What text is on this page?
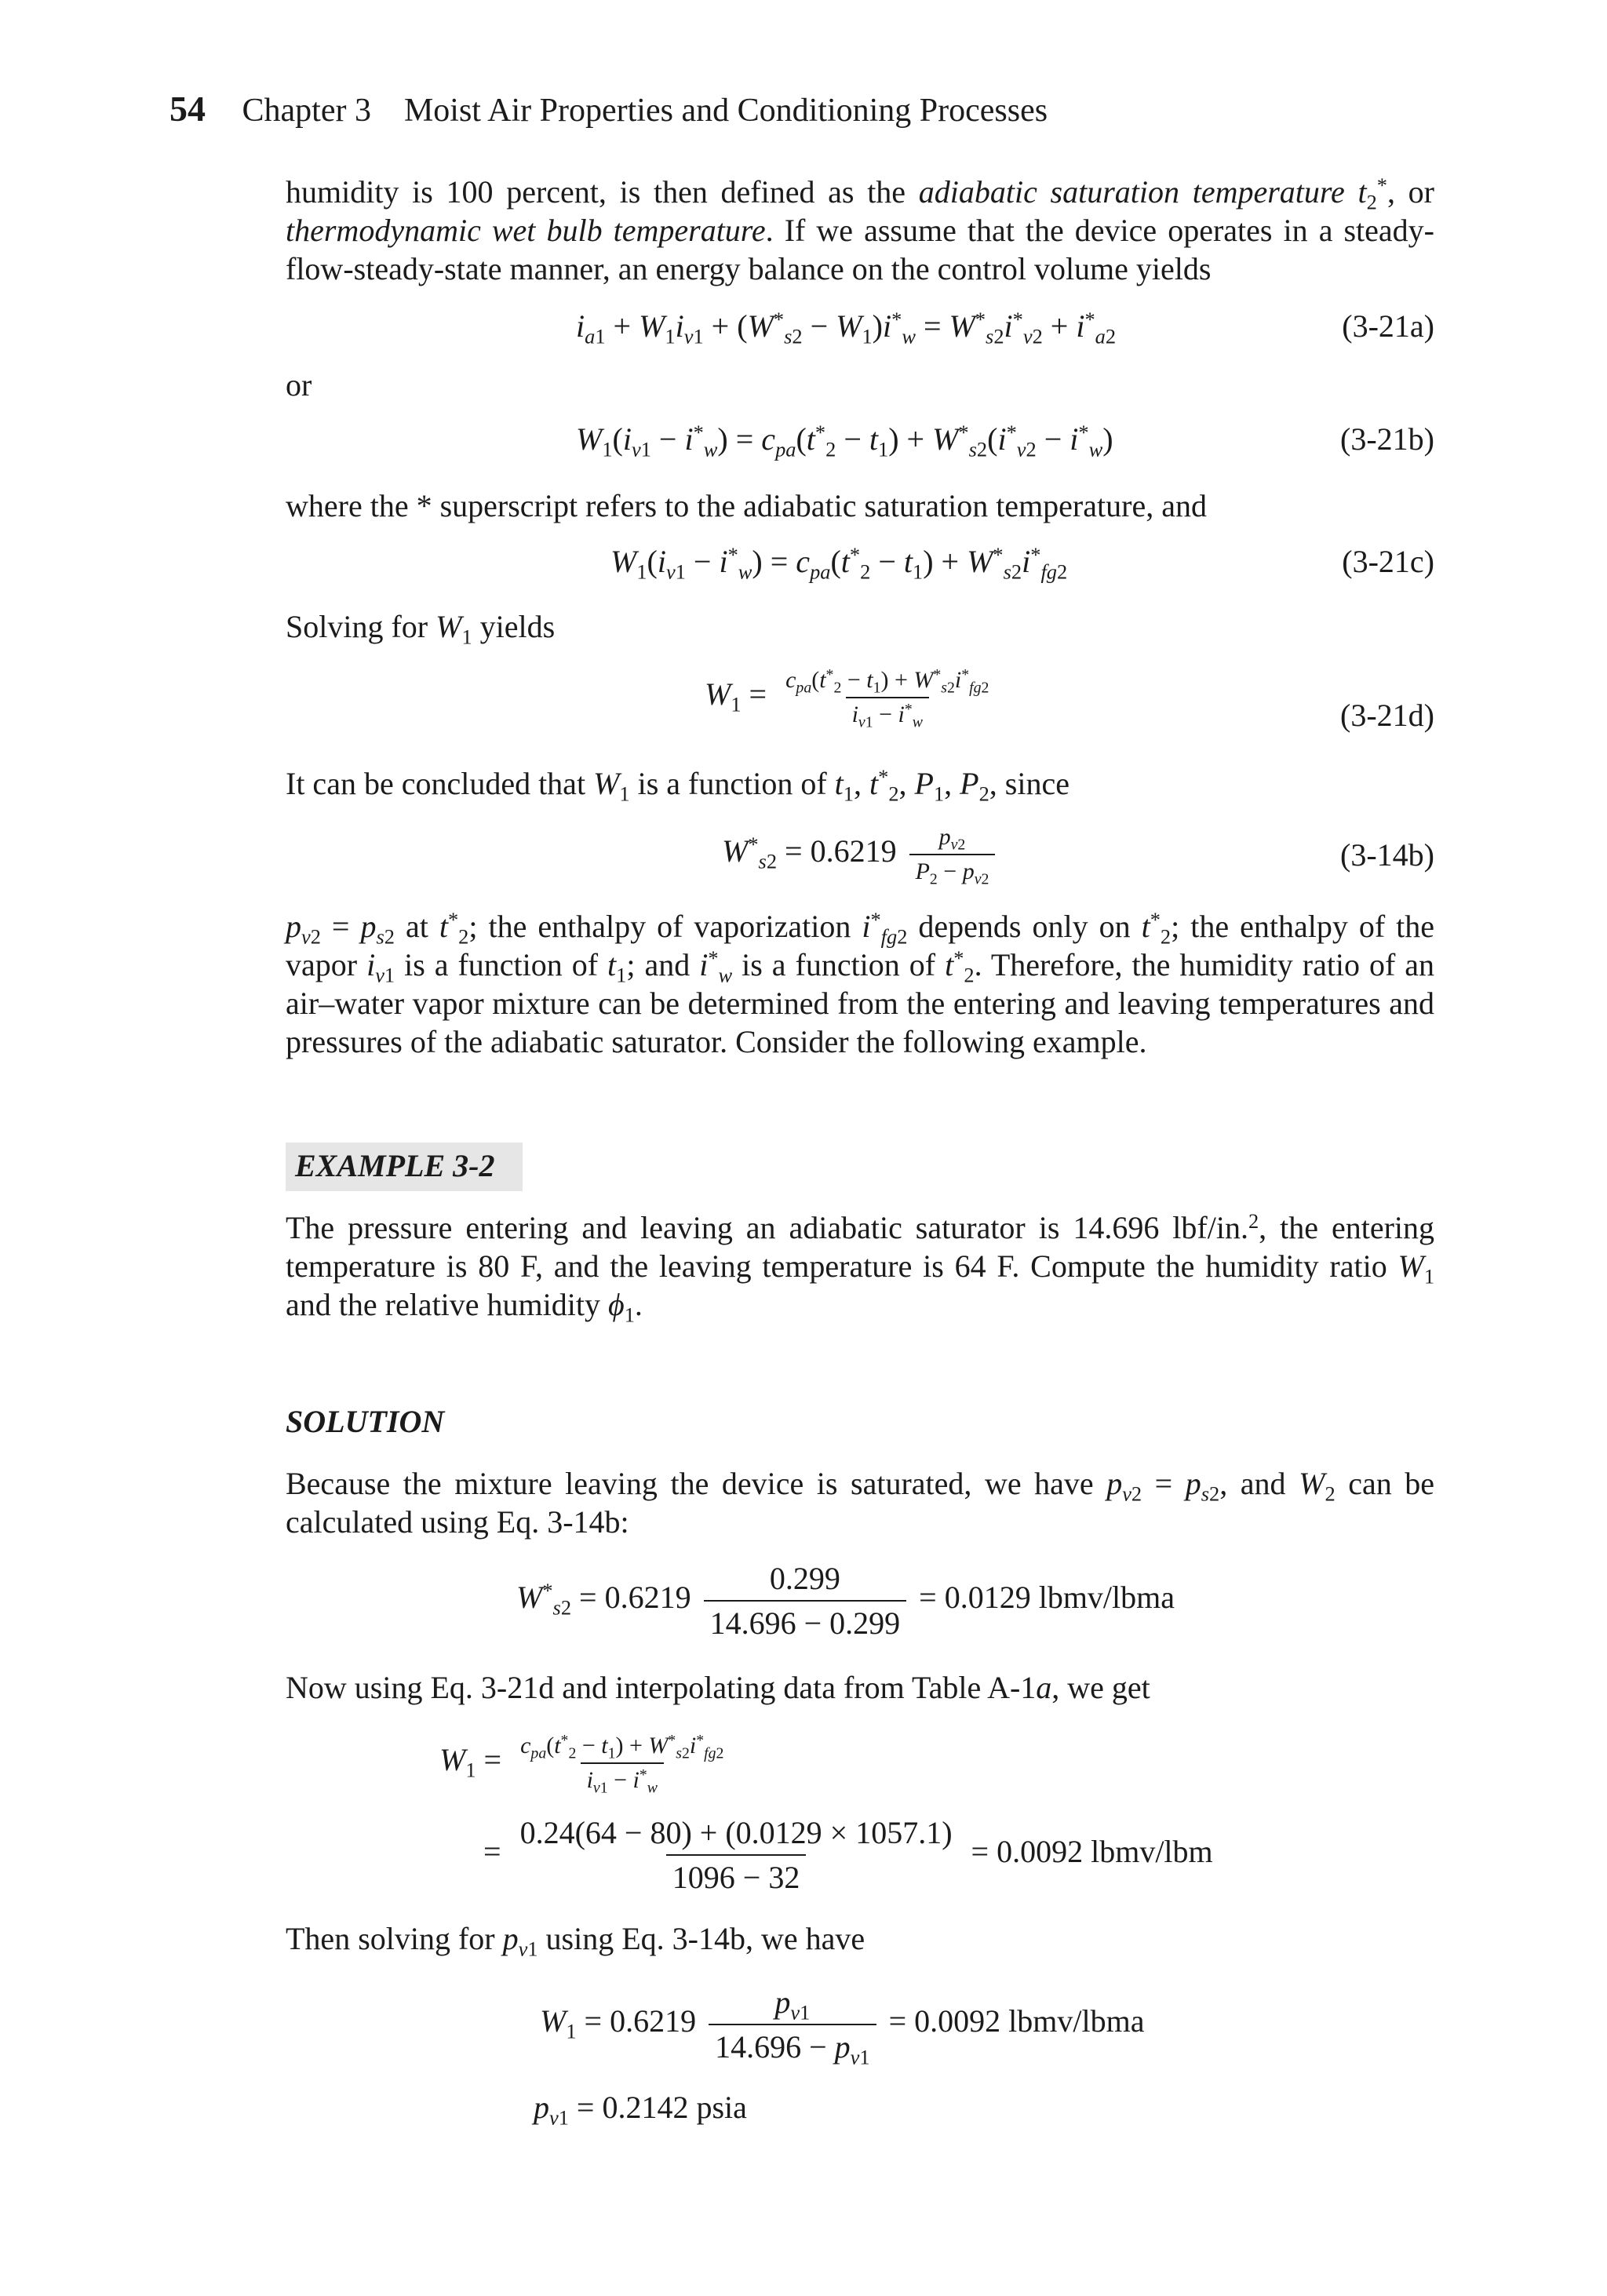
54 Chapter 3    Moist Air Properties and Conditioning Processes
humidity is 100 percent, is then defined as the adiabatic saturation temperature $t_2^*$, or thermodynamic wet bulb temperature. If we assume that the device operates in a steady-flow-steady-state manner, an energy balance on the control volume yields
$i_{a1} + W_1i_{v1} + (W^*_{s2} - W_1)i^*_w = W^*_{s2}i^*_{v2} + i^*_{a2}$	(3-21a)
or
$W_1(i_{v1} - i^*_w) = c_{pa}(t^*_2 - t_1) + W^*_{s2}(i^*_{v2} - i^*_w)$	(3-21b)
where the * superscript refers to the adiabatic saturation temperature, and
$W_1(i_{v1} - i^*_w) = c_{pa}(t^*_2 - t_1) + W^*_{s2}i^*_{fg2}$	(3-21c)
Solving for $W_1$ yields
$W_1 = \frac{c_{pa}(t^*_2 - t_1) + W^*_{s2}i^*_{fg2}}{i_{v1} - i^*_w}$	(3-21d)
It can be concluded that $W_1$ is a function of $t_1$, $t^*_2$, $P_1$, $P_2$, since
$W^*_{s2} = 0.6219 \frac{p_{v2}}{P_2 - p_{v2}}$	(3-14b)
$p_{v2} = p_{s2}$ at $t^*_2$; the enthalpy of vaporization $i^*_{fg2}$ depends only on $t^*_2$; the enthalpy of the vapor $i_{v1}$ is a function of $t_1$; and $i^*_w$ is a function of $t^*_2$. Therefore, the humidity ratio of an air–water vapor mixture can be determined from the entering and leaving temperatures and pressures of the adiabatic saturator. Consider the following example.
EXAMPLE 3-2
The pressure entering and leaving an adiabatic saturator is 14.696 lbf/in.$^2$, the entering temperature is 80 F, and the leaving temperature is 64 F. Compute the humidity ratio $W_1$ and the relative humidity $\phi_1$.
SOLUTION
Because the mixture leaving the device is saturated, we have $p_{v2} = p_{s2}$, and $W_2$ can be calculated using Eq. 3-14b:
$W^*_{s2} = 0.6219 \frac{0.299}{14.696 - 0.299} = 0.0129$ lbmv/lbma
Now using Eq. 3-21d and interpolating data from Table A-1a, we get
$W_1 = \frac{c_{pa}(t^*_2 - t_1) + W^*_{s2}i^*_{fg2}}{i_{v1} - i^*_w}$
= $\frac{0.24(64 - 80) + (0.0129 \times 1057.1)}{1096 - 32} = 0.0092$ lbmv/lbm
Then solving for $p_{v1}$ using Eq. 3-14b, we have
$W_1 = 0.6219 \frac{p_{v1}}{14.696 - p_{v1}} = 0.0092$ lbmv/lbma
$p_{v1} = 0.2142$ psia
